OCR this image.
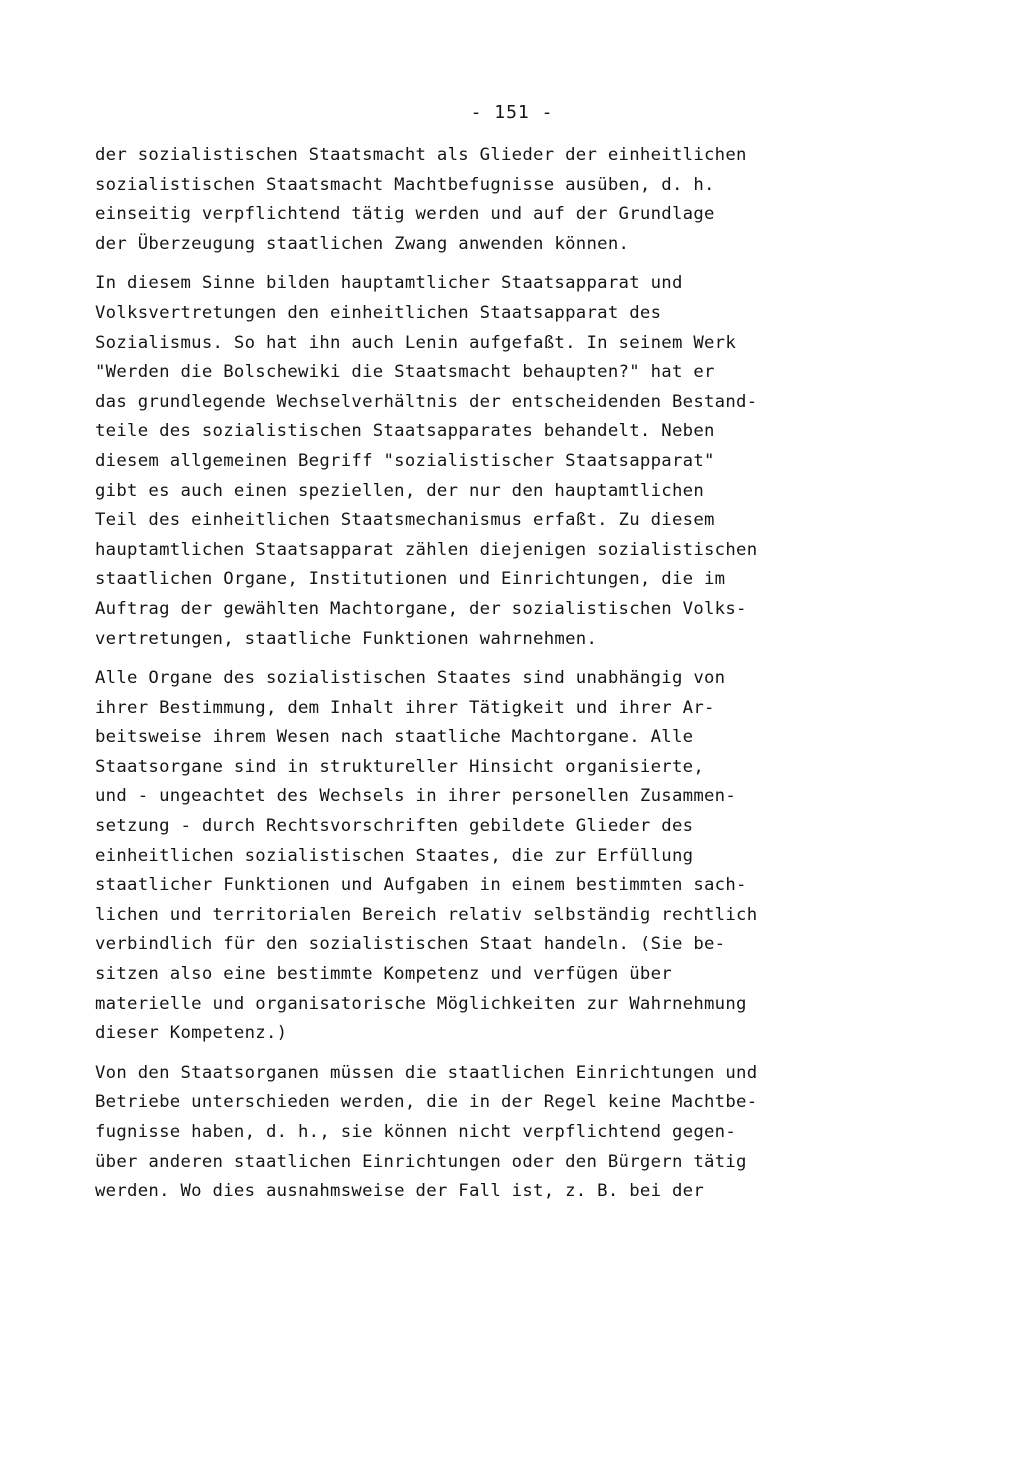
- 151 -
der sozialistischen Staatsmacht als Glieder der einheitlichen
sozialistischen Staatsmacht Machtbefugnisse ausüben, d. h.
einseitig verpflichtend tätig werden und auf der Grundlage
der Überzeugung staatlichen Zwang anwenden können.
In diesem Sinne bilden hauptamtlicher Staatsapparat und
Volksvertretungen den einheitlichen Staatsapparat des
Sozialismus. So hat ihn auch Lenin aufgefaßt. In seinem Werk
"Werden die Bolschewiki die Staatsmacht behaupten?" hat er
das grundlegende Wechselverhältnis der entscheidenden Bestand-
teile des sozialistischen Staatsapparates behandelt. Neben
diesem allgemeinen Begriff "sozialistischer Staatsapparat"
gibt es auch einen speziellen, der nur den hauptamtlichen
Teil des einheitlichen Staatsmechanismus erfaßt. Zu diesem
hauptamtlichen Staatsapparat zählen diejenigen sozialistischen
staatlichen Organe, Institutionen und Einrichtungen, die im
Auftrag der gewählten Machtorgane, der sozialistischen Volks-
vertretungen, staatliche Funktionen wahrnehmen.
Alle Organe des sozialistischen Staates sind unabhängig von
ihrer Bestimmung, dem Inhalt ihrer Tätigkeit und ihrer Ar-
beitsweise ihrem Wesen nach staatliche Machtorgane. Alle
Staatsorgane sind in struktureller Hinsicht organisierte,
und - ungeachtet des Wechsels in ihrer personellen Zusammen-
setzung - durch Rechtsvorschriften gebildete Glieder des
einheitlichen sozialistischen Staates, die zur Erfüllung
staatlicher Funktionen und Aufgaben in einem bestimmten sach-
lichen und territorialen Bereich relativ selbständig rechtlich
verbindlich für den sozialistischen Staat handeln. (Sie be-
sitzen also eine bestimmte Kompetenz und verfügen über
materielle und organisatorische Möglichkeiten zur Wahrnehmung
dieser Kompetenz.)
Von den Staatsorganen müssen die staatlichen Einrichtungen und
Betriebe unterschieden werden, die in der Regel keine Machtbe-
fugnisse haben, d. h., sie können nicht verpflichtend gegen-
über anderen staatlichen Einrichtungen oder den Bürgern tätig
werden. Wo dies ausnahmsweise der Fall ist, z. B. bei der
